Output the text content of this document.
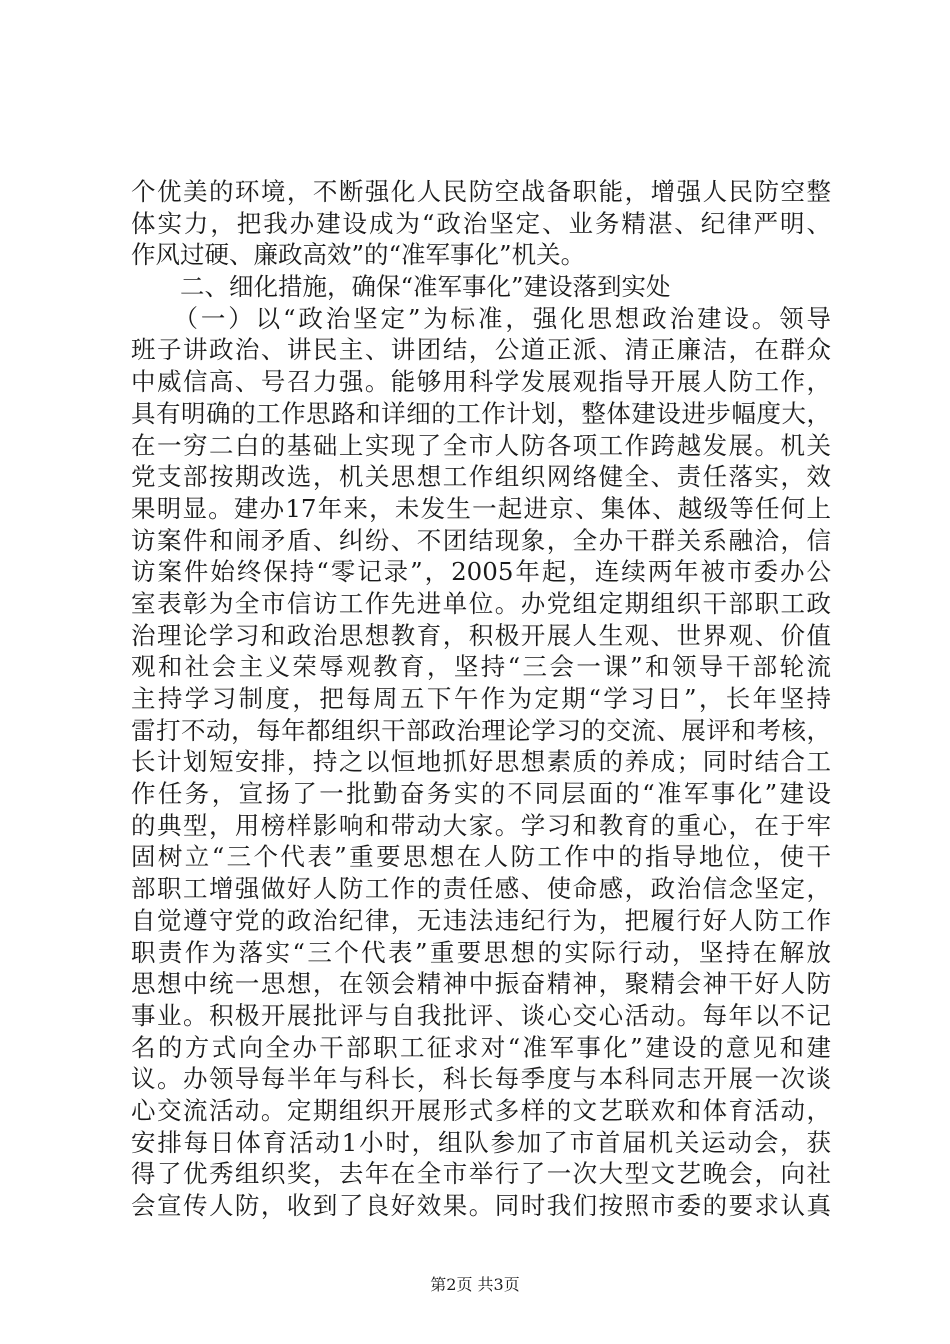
个优美的环境，不断强化人民防空战备职能，增强人民防空整
体实力，把我办建设成为“政治坚定、业务精湛、纪律严明、
作风过硬、廉政高效”的“准军事化”机关。
　　二、细化措施，确保“准军事化”建设落到实处
　　（一）以“政治坚定”为标准，强化思想政治建设。领导
班子讲政治、讲民主、讲团结，公道正派、清正廉洁，在群众
中威信高、号召力强。能够用科学发展观指导开展人防工作，
具有明确的工作思路和详细的工作计划，整体建设进步幅度大，
在一穷二白的基础上实现了全市人防各项工作跨越发展。机关
党支部按期改选，机关思想工作组织网络健全、责任落实，效
果明显。建办17年来，未发生一起进京、集体、越级等任何上
访案件和闹矛盾、纠纷、不团结现象，全办干群关系融洽，信
访案件始终保持“零记录”，2005年起，连续两年被市委办公
室表彰为全市信访工作先进单位。办党组定期组织干部职工政
治理论学习和政治思想教育，积极开展人生观、世界观、价值
观和社会主义荣辱观教育，坚持“三会一课”和领导干部轮流
主持学习制度，把每周五下午作为定期“学习日”，长年坚持
雷打不动，每年都组织干部政治理论学习的交流、展评和考核，
长计划短安排，持之以恒地抓好思想素质的养成；同时结合工
作任务，宣扬了一批勤奋务实的不同层面的“准军事化”建设
的典型，用榜样影响和带动大家。学习和教育的重心，在于牢
固树立“三个代表”重要思想在人防工作中的指导地位，使干
部职工增强做好人防工作的责任感、使命感，政治信念坚定，
自觉遵守党的政治纪律，无违法违纪行为，把履行好人防工作
职责作为落实“三个代表”重要思想的实际行动，坚持在解放
思想中统一思想，在领会精神中振奋精神，聚精会神干好人防
事业。积极开展批评与自我批评、谈心交心活动。每年以不记
名的方式向全办干部职工征求对“准军事化”建设的意见和建
议。办领导每半年与科长，科长每季度与本科同志开展一次谈
心交流活动。定期组织开展形式多样的文艺联欢和体育活动，
安排每日体育活动1小时，组队参加了市首届机关运动会，获
得了优秀组织奖，去年在全市举行了一次大型文艺晚会，向社
会宣传人防，收到了良好效果。同时我们按照市委的要求认真
第2页 共3页
